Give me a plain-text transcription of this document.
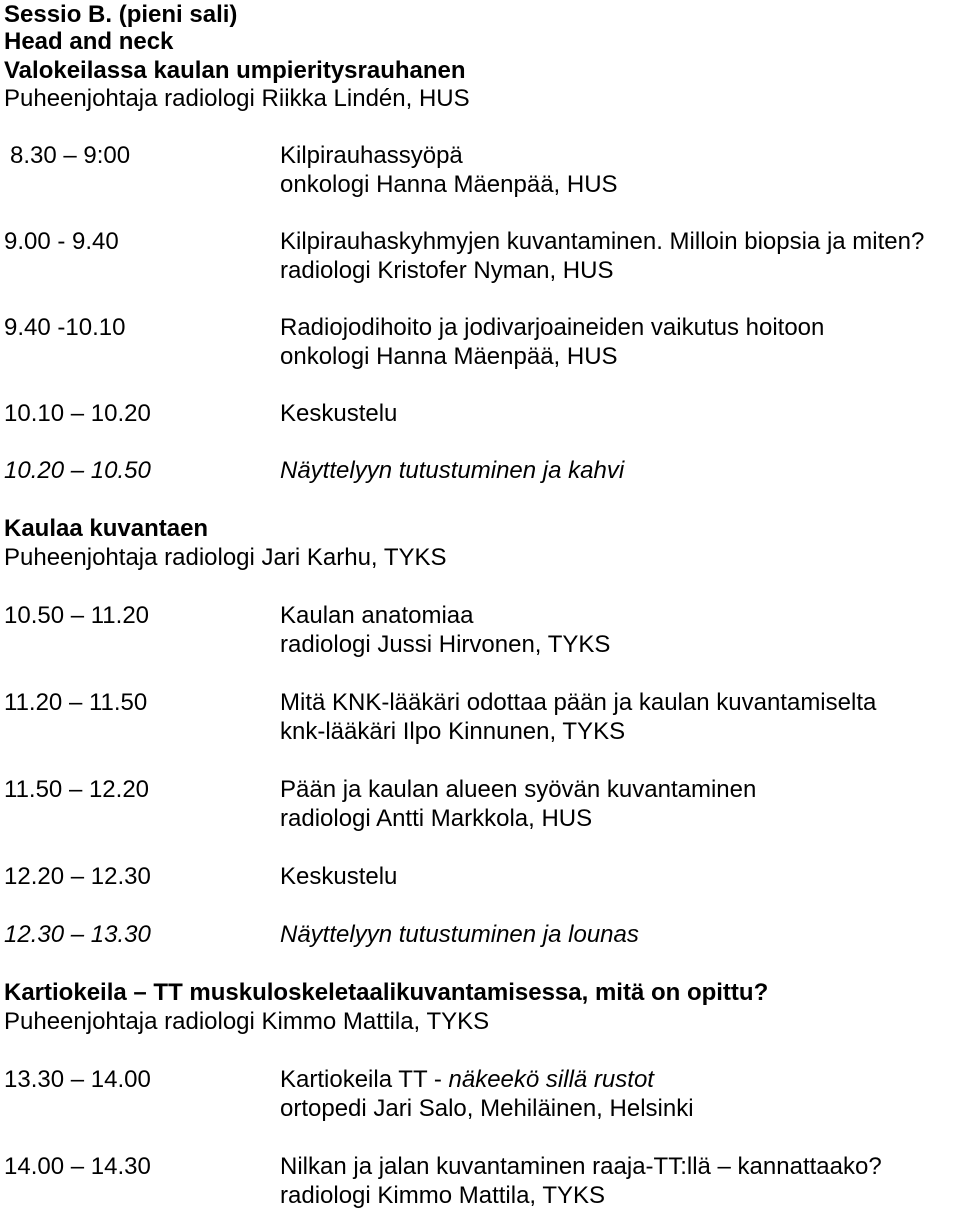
Sessio B. (pieni sali)
Head and neck
Valokeilassa kaulan umpieritysrauhanen
Puheenjohtaja radiologi Riikka Lindén, HUS
8.30 – 9:00	Kilpirauhassyöpä
onkologi Hanna Mäenpää, HUS
9.00 - 9.40	Kilpirauhaskyhmyjen kuvantaminen. Milloin biopsia ja miten?
radiologi Kristofer Nyman, HUS
9.40 -10.10	Radiojodihoito ja jodivarjoaineiden vaikutus hoitoon
onkologi Hanna Mäenpää, HUS
10.10 – 10.20	Keskustelu
10.20 – 10.50	Näyttelyyn tutustuminen ja kahvi
Kaulaa kuvantaen
Puheenjohtaja radiologi Jari Karhu, TYKS
10.50 – 11.20	Kaulan anatomiaa
radiologi Jussi Hirvonen, TYKS
11.20 – 11.50	Mitä KNK-lääkäri odottaa pään ja kaulan kuvantamiselta
knk-lääkäri Ilpo Kinnunen, TYKS
11.50 – 12.20	Pään ja kaulan alueen syövän kuvantaminen
radiologi Antti Markkola, HUS
12.20 – 12.30	Keskustelu
12.30 – 13.30	Näyttelyyn tutustuminen ja lounas
Kartiokeila – TT muskuloskeletaalikuvantamisessa, mitä on opittu?
Puheenjohtaja radiologi Kimmo Mattila, TYKS
13.30 – 14.00	Kartiokeila TT - näkeekö sillä rustot
ortopedi Jari Salo, Mehiläinen, Helsinki
14.00 – 14.30	Nilkan ja jalan kuvantaminen raaja-TT:llä – kannattaako?
radiologi Kimmo Mattila, TYKS
